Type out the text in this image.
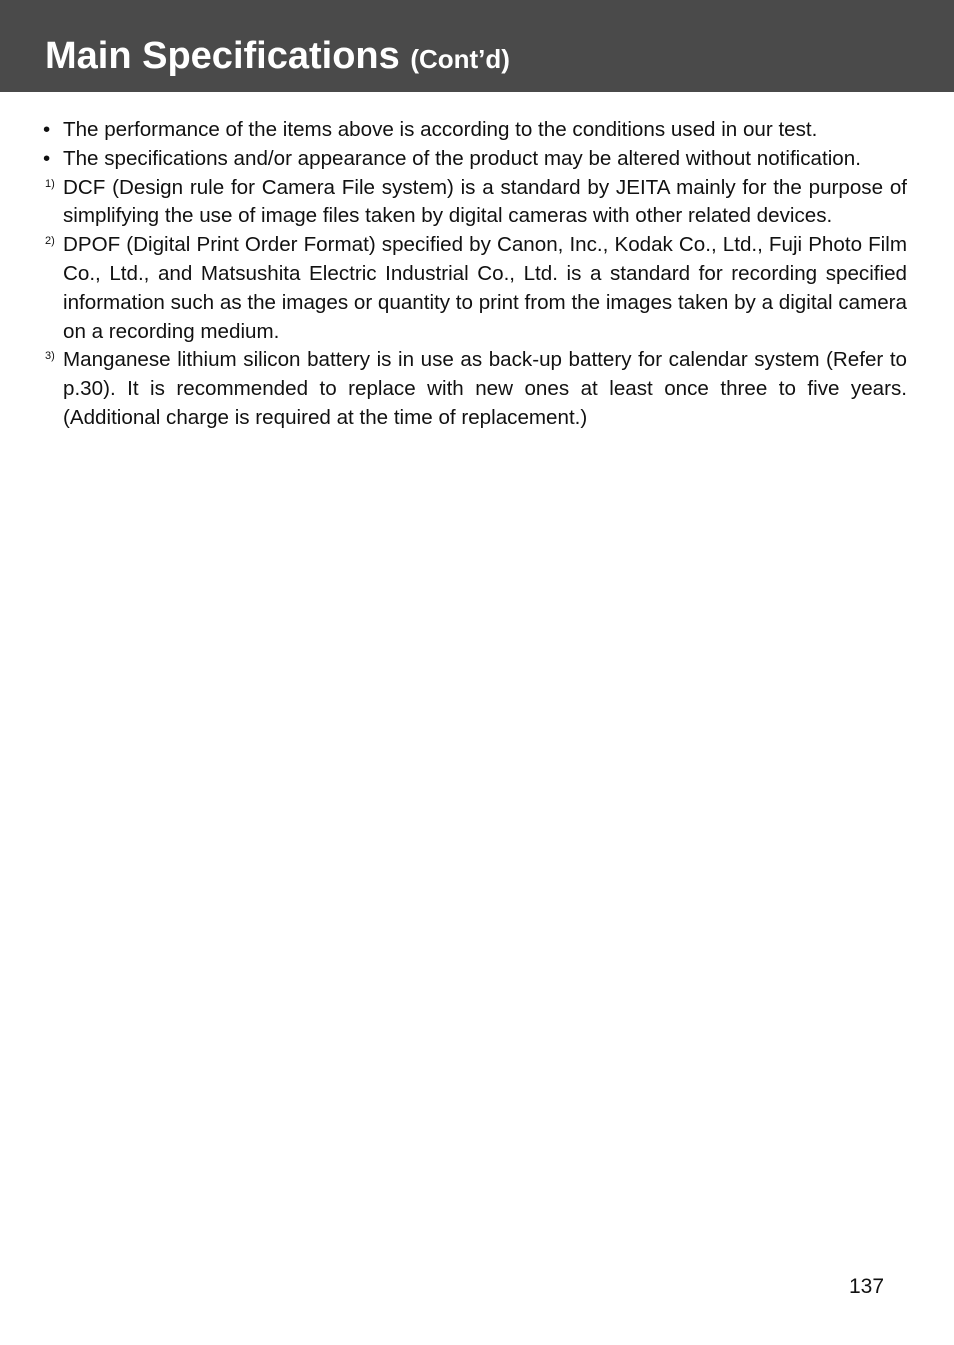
Main Specifications (Cont’d)

• The performance of the items above is according to the conditions used in our test.

• The specifications and/or appearance of the product may be altered without notification.

1) DCF (Design rule for Camera File system) is a standard by JEITA mainly for the purpose of simplifying the use of image files taken by digital cameras with other related devices.

2) DPOF (Digital Print Order Format) specified by Canon, Inc., Kodak Co., Ltd., Fuji Photo Film Co., Ltd., and Matsushita Electric Industrial Co., Ltd. is a standard for recording specified information such as the images or quantity to print from the images taken by a digital camera on a recording medium.

3) Manganese lithium silicon battery is in use as back-up battery for calendar system (Refer to p.30). It is recommended to replace with new ones at least once three to five years. (Additional charge is required at the time of replacement.)

137
